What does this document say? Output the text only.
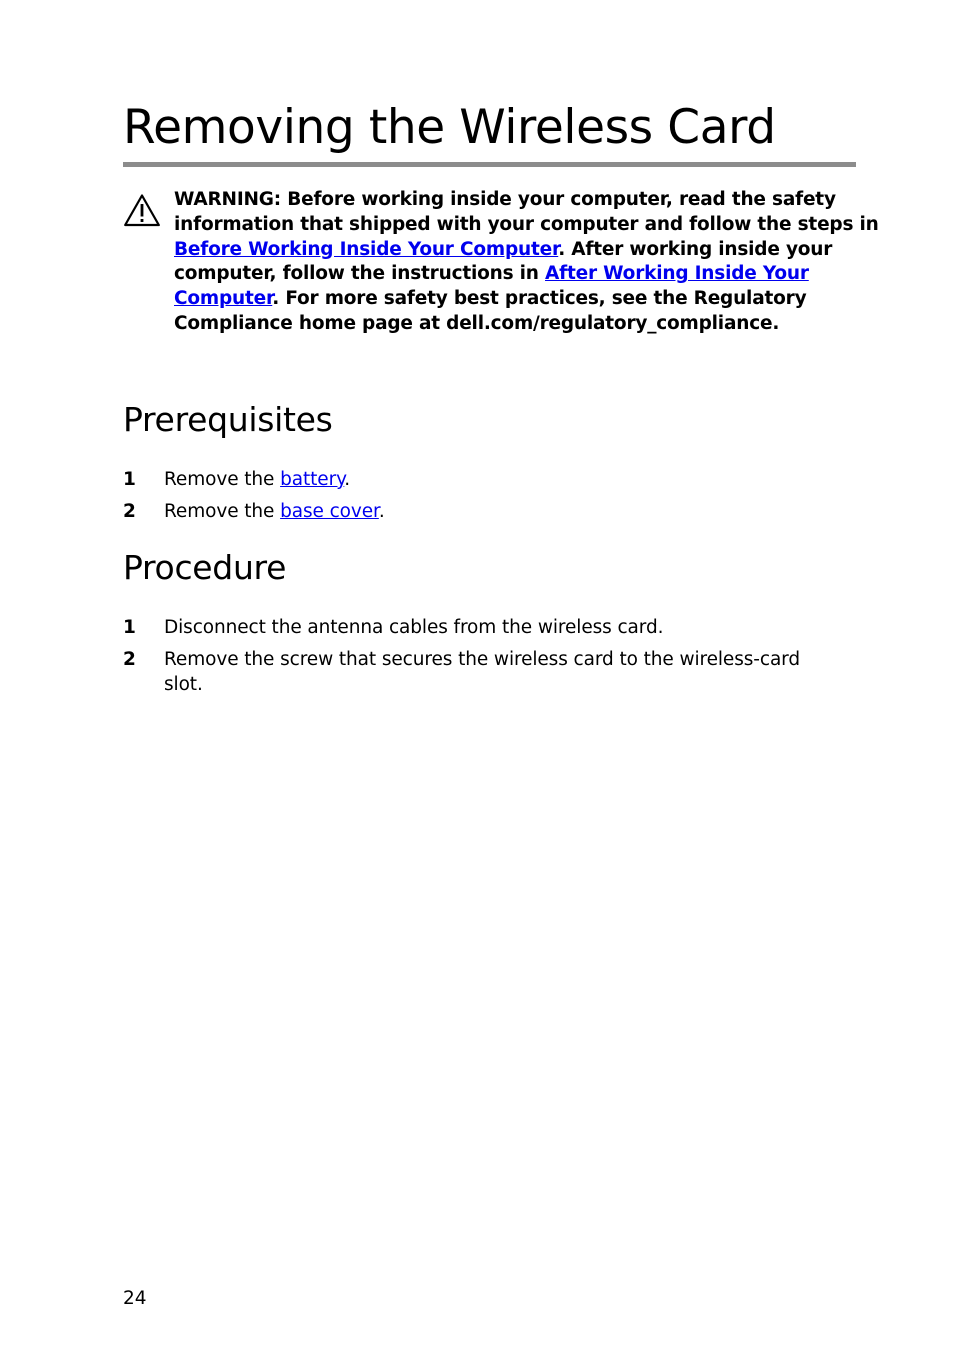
Removing the Wireless Card
WARNING: Before working inside your computer, read the safety
information that shipped with your computer and follow the steps in
Before Working Inside Your Computer. After working inside your
computer, follow the instructions in After Working Inside Your
Computer. For more safety best practices, see the Regulatory
Compliance home page at dell.com/regulatory_compliance.
Prerequisites
1 Remove the battery.
2 Remove the base cover.
Procedure
1 Disconnect the antenna cables from the wireless card.
2 Remove the screw that secures the wireless card to the wireless-card
slot.
24
